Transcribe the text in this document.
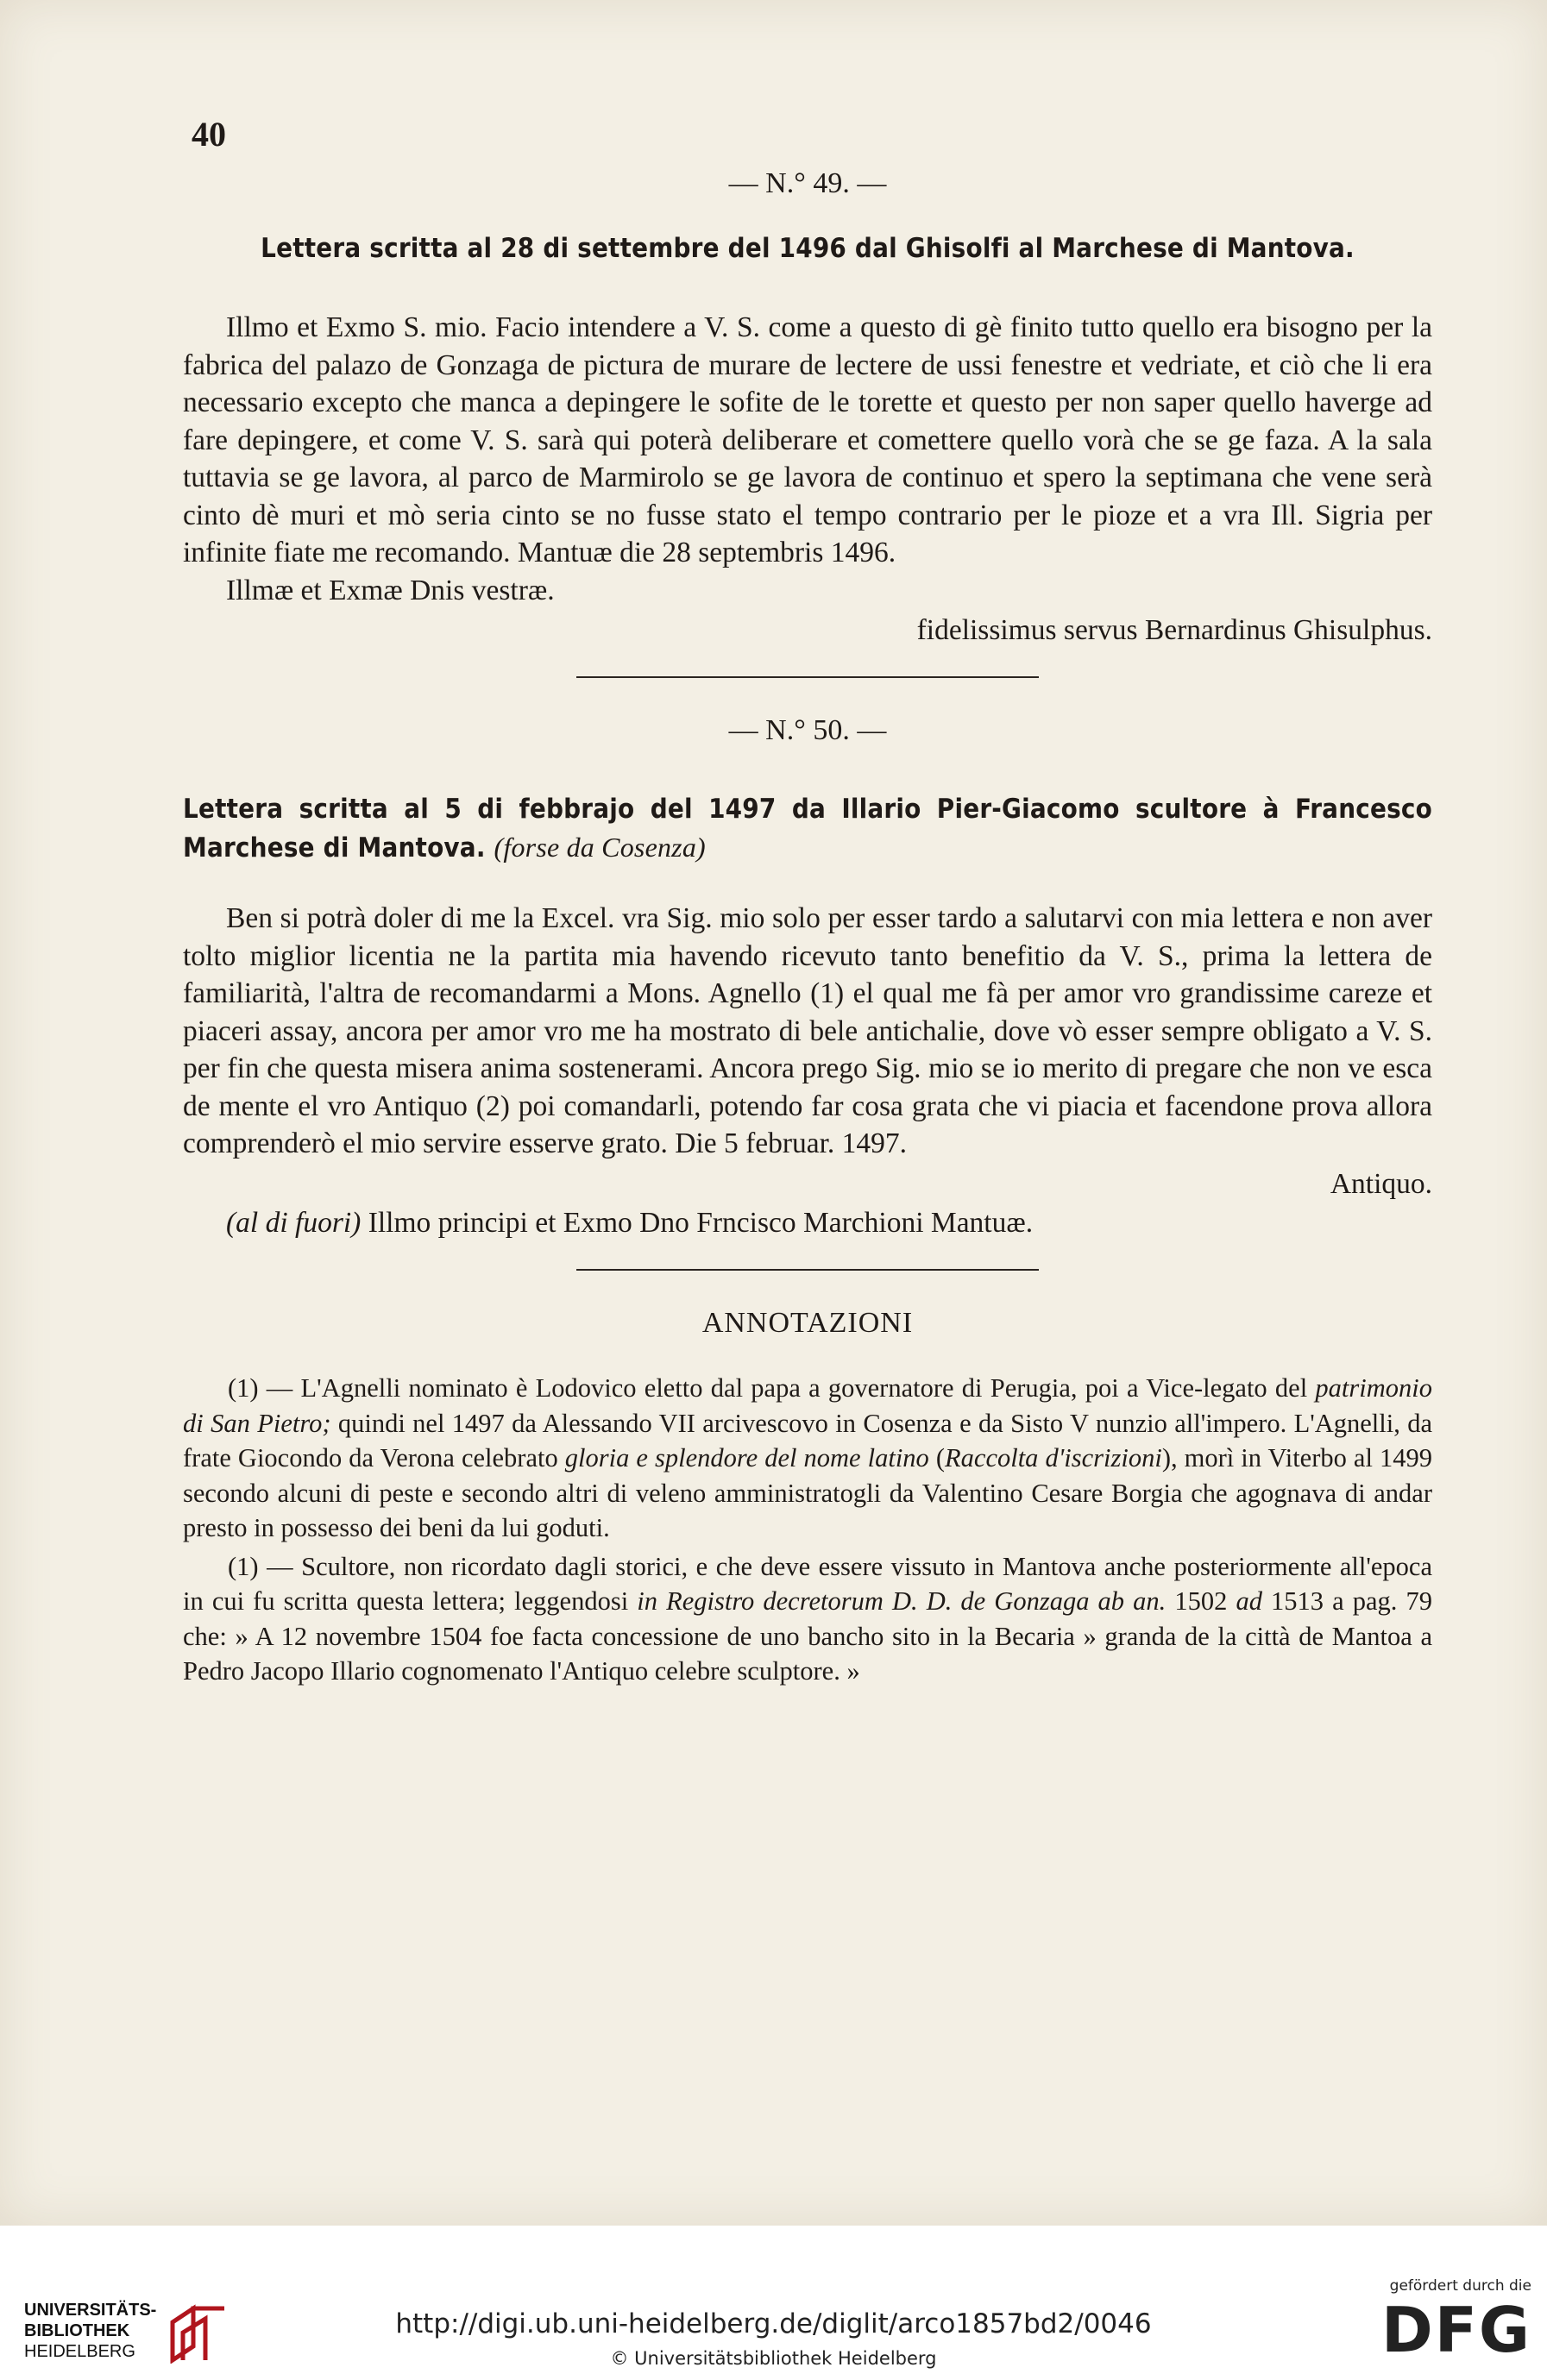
40

— N.° 49. —

Lettera scritta al 28 di settembre del 1496 dal Ghisolfi al Marchese di Mantova.

Illmo et Exmo S. mio. Facio intendere a V. S. come a questo di gè finito tutto quello era bisogno per la fabrica del palazo de Gonzaga de pictura de murare de lectere de ussi fenestre et vedriate, et ciò che li era necessario excepto che manca a depingere le sofite de le torette et questo per non saper quello haverge ad fare depingere, et come V. S. sarà qui poterà deliberare et comettere quello vorà che se ge faza. A la sala tuttavia se ge lavora, al parco de Marmirolo se ge lavora de continuo et spero la septimana che vene serà cinto dè muri et mò seria cinto se no fusse stato el tempo contrario per le pioze et a vra Ill. Sigria per infinite fiate me recomando. Mantuæ die 28 septembris 1496.

Illmæ et Exmæ Dnis vestræ.

fidelissimus servus Bernardinus Ghisulphus.

— N.° 50. —

Lettera scritta al 5 di febbrajo del 1497 da Illario Pier-Giacomo scultore à Francesco Marchese di Mantova. (forse da Cosenza)

Ben si potrà doler di me la Excel. vra Sig. mio solo per esser tardo a salutarvi con mia lettera e non aver tolto miglior licentia ne la partita mia havendo ricevuto tanto benefitio da V. S., prima la lettera de familiarità, l'altra de recomandarmi a Mons. Agnello (1) el qual me fà per amor vro grandissime careze et piaceri assay, ancora per amor vro me ha mostrato di bele antichalie, dove vò esser sempre obligato a V. S. per fin che questa misera anima sostenerami. Ancora prego Sig. mio se io merito di pregare che non ve esca de mente el vro Antiquo (2) poi comandarli, potendo far cosa grata che vi piacia et facendone prova allora comprenderò el mio servire esserve grato. Die 5 februar. 1497.

Antiquo.

(al di fuori) Illmo principi et Exmo Dno Frncisco Marchioni Mantuæ.

ANNOTAZIONI

(1) — L'Agnelli nominato è Lodovico eletto dal papa a governatore di Perugia, poi a Vice-legato del patrimonio di San Pietro; quindi nel 1497 da Alessando VII arcivescovo in Cosenza e da Sisto V nunzio all'impero. L'Agnelli, da frate Giocondo da Verona celebrato gloria e splendore del nome latino (Raccolta d'iscrizioni), morì in Viterbo al 1499 secondo alcuni di peste e secondo altri di veleno amministratogli da Valentino Cesare Borgia che agognava di andar presto in possesso dei beni da lui goduti.

(1) — Scultore, non ricordato dagli storici, e che deve essere vissuto in Mantova anche posteriormente all'epoca in cui fu scritta questa lettera; leggendosi in Registro decretorum D. D. de Gonzaga ab an. 1502 ad 1513 a pag. 79 che: » A 12 novembre 1504 foe facta concessione de uno bancho sito in la Becaria » granda de la città de Mantoa a Pedro Jacopo Illario cognomenato l'Antiquo celebre sculptore. »

UNIVERSITÄTS-
BIBLIOTHEK
HEIDELBERG
http://digi.ub.uni-heidelberg.de/diglit/arco1857bd2/0046
© Universitätsbibliothek Heidelberg
gefördert durch die
DFG
